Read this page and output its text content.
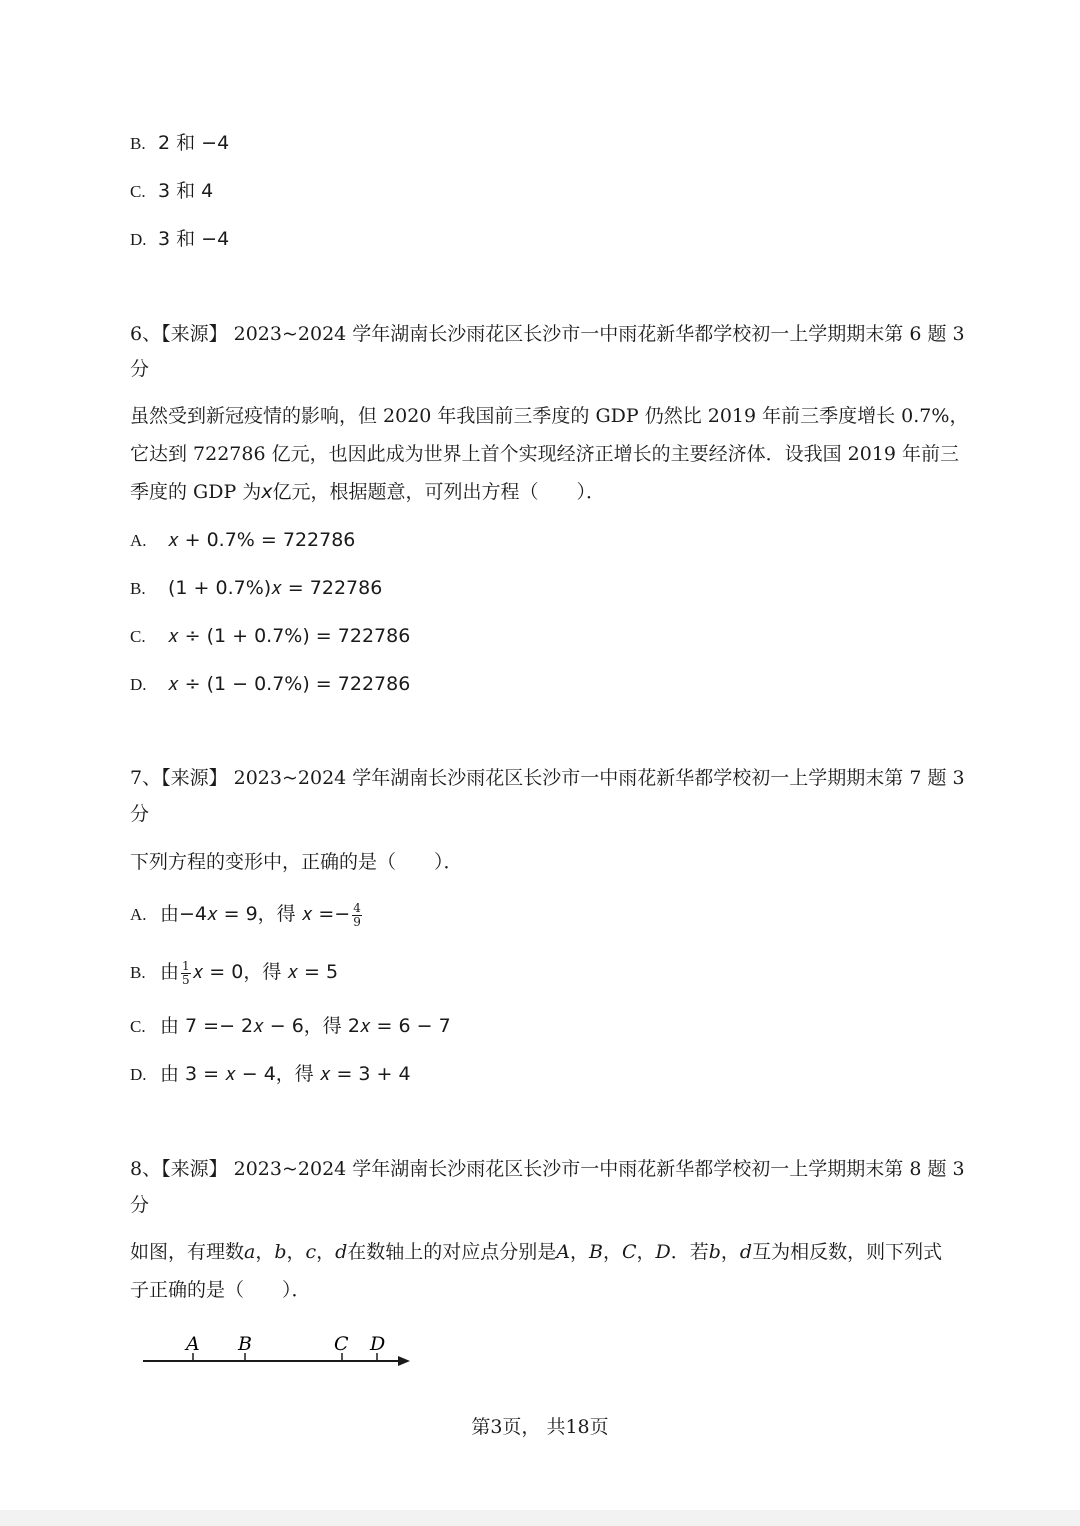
B. 2 和 −4
C. 3 和 4
D. 3 和 −4
6、【来源】 2023~2024 学年湖南长沙雨花区长沙市一中雨花新华都学校初一上学期期末第 6 题 3
分
虽然受到新冠疫情的影响，但 2020 年我国前三季度的 GDP 仍然比 2019 年前三季度增长 0.7%，
它达到 722786 亿元，也因此成为世界上首个实现经济正增长的主要经济体．设我国 2019 年前三
季度的 GDP 为x亿元，根据题意，可列出方程（　　）．
A. 𝑥 + 0.7% = 722786
B. (1 + 0.7%)𝑥 = 722786
C. 𝑥 ÷ (1 + 0.7%) = 722786
D. 𝑥 ÷ (1 − 0.7%) = 722786
7、【来源】 2023~2024 学年湖南长沙雨花区长沙市一中雨花新华都学校初一上学期期末第 7 题 3
分
下列方程的变形中，正确的是（　　）．
A. 由−4𝑥 = 9，得 𝑥 =− $\frac{4}{9}$
B. 由 $\frac{1}{5}$ 𝑥 = 0，得 𝑥 = 5
C. 由 7 =− 2𝑥 − 6，得 2𝑥 = 6 − 7
D. 由 3 = 𝑥 − 4，得 𝑥 = 3 + 4
8、【来源】 2023~2024 学年湖南长沙雨花区长沙市一中雨花新华都学校初一上学期期末第 8 题 3
分
如图，有理数𝑎，𝑏，𝑐，𝑑在数轴上的对应点分别是𝐴，𝐵，𝐶，𝐷．若𝑏，𝑑互为相反数，则下列式
子正确的是（　　）．
A B	C D
第3页， 共18页
